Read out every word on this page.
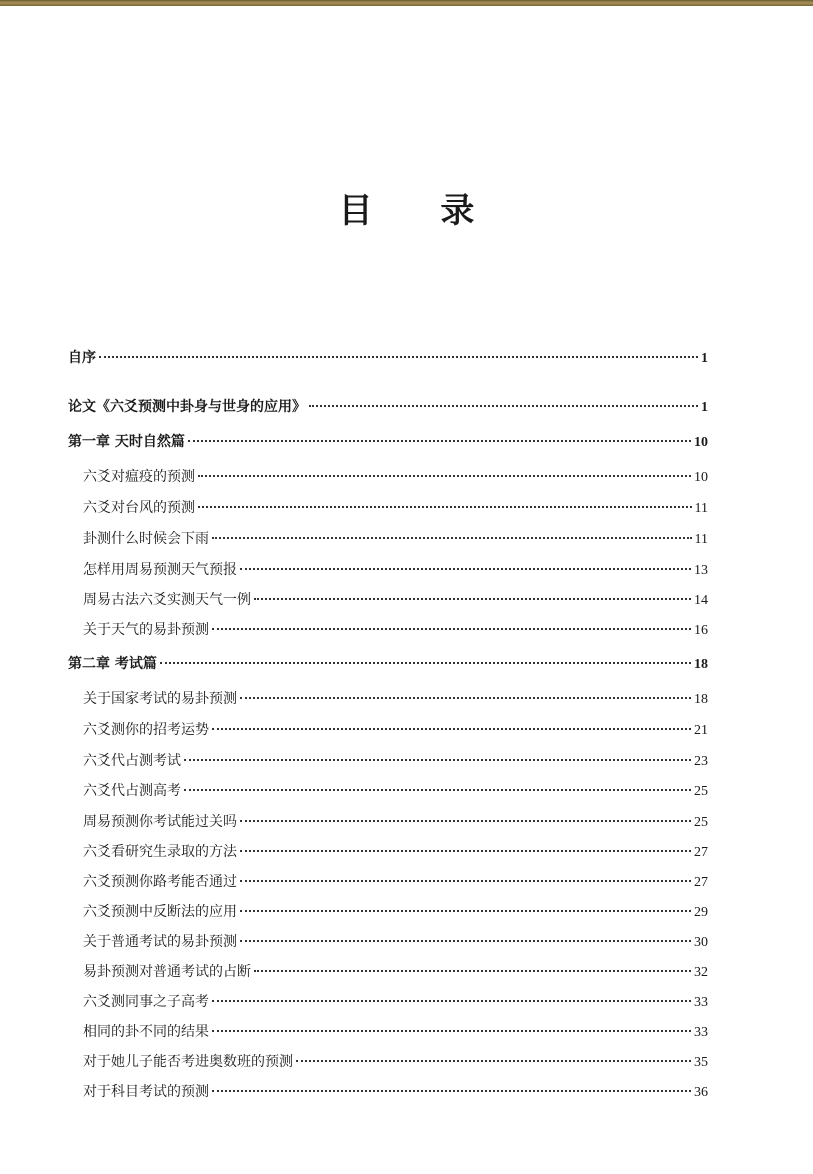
目 录
自序	1
论文《六爻预测中卦身与世身的应用》	1
第一章 天时自然篇	10
六爻对瘟疫的预测	10
六爻对台风的预测	11
卦测什么时候会下雨	11
怎样用周易预测天气预报	13
周易古法六爻实测天气一例	14
关于天气的易卦预测	16
第二章 考试篇	18
关于国家考试的易卦预测	18
六爻测你的招考运势	21
六爻代占测考试	23
六爻代占测高考	25
周易预测你考试能过关吗	25
六爻看研究生录取的方法	27
六爻预测你路考能否通过	27
六爻预测中反断法的应用	29
关于普通考试的易卦预测	30
易卦预测对普通考试的占断	32
六爻测同事之子高考	33
相同的卦不同的结果	33
对于她儿子能否考进奥数班的预测	35
对于科目考试的预测	36
